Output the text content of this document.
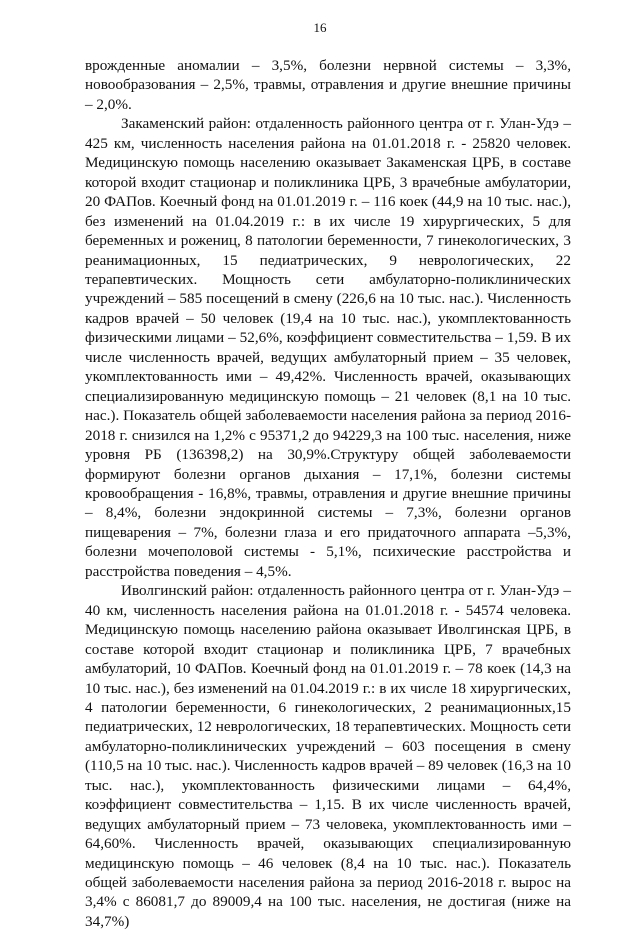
16

врожденные аномалии – 3,5%, болезни нервной системы – 3,3%, новообразования – 2,5%, травмы, отравления и другие внешние причины – 2,0%.

Закаменский район: отдаленность районного центра от г. Улан-Удэ – 425 км, численность населения района на 01.01.2018 г. - 25820 человек. Медицинскую помощь населению оказывает Закаменская ЦРБ, в составе которой входит стационар и поликлиника ЦРБ, 3 врачебные амбулатории, 20 ФАПов. Коечный фонд на 01.01.2019 г. – 116 коек (44,9 на 10 тыс. нас.), без изменений на 01.04.2019 г.: в их числе 19 хирургических, 5 для беременных и рожениц, 8 патологии беременности, 7 гинекологических, 3 реанимационных, 15 педиатрических, 9 неврологических, 22 терапевтических. Мощность сети амбулаторно-поликлинических учреждений – 585 посещений в смену (226,6 на 10 тыс. нас.). Численность кадров врачей – 50 человек (19,4 на 10 тыс. нас.), укомплектованность физическими лицами – 52,6%, коэффициент совместительства – 1,59. В их числе численность врачей, ведущих амбулаторный прием – 35 человек, укомплектованность ими – 49,42%. Численность врачей, оказывающих специализированную медицинскую помощь – 21 человек (8,1 на 10 тыс. нас.). Показатель общей заболеваемости населения района за период 2016-2018 г. снизился на 1,2% с 95371,2 до 94229,3 на 100 тыс. населения, ниже уровня РБ (136398,2) на 30,9%.Структуру общей заболеваемости формируют болезни органов дыхания – 17,1%, болезни системы кровообращения - 16,8%, травмы, отравления и другие внешние причины – 8,4%, болезни эндокринной системы – 7,3%, болезни органов пищеварения – 7%, болезни глаза и его придаточного аппарата –5,3%, болезни мочеполовой системы - 5,1%, психические расстройства и расстройства поведения – 4,5%.

Иволгинский район: отдаленность районного центра от г. Улан-Удэ – 40 км, численность населения района на 01.01.2018 г. - 54574 человека. Медицинскую помощь населению района оказывает Иволгинская ЦРБ, в составе которой входит стационар и поликлиника ЦРБ, 7 врачебных амбулаторий, 10 ФАПов. Коечный фонд на 01.01.2019 г. – 78 коек (14,3 на 10 тыс. нас.), без изменений на 01.04.2019 г.: в их числе 18 хирургических, 4 патологии беременности, 6 гинекологических, 2 реанимационных,15 педиатрических, 12 неврологических, 18 терапевтических. Мощность сети амбулаторно-поликлинических учреждений – 603 посещения в смену (110,5 на 10 тыс. нас.). Численность кадров врачей – 89 человек (16,3 на 10 тыс. нас.), укомплектованность физическими лицами – 64,4%, коэффициент совместительства – 1,15. В их числе численность врачей, ведущих амбулаторный прием – 73 человека, укомплектованность ими – 64,60%. Численность врачей, оказывающих специализированную медицинскую помощь – 46 человек (8,4 на 10 тыс. нас.). Показатель общей заболеваемости населения района за период 2016-2018 г. вырос на 3,4% с 86081,7 до 89009,4 на 100 тыс. населения, не достигая (ниже на 34,7%)
